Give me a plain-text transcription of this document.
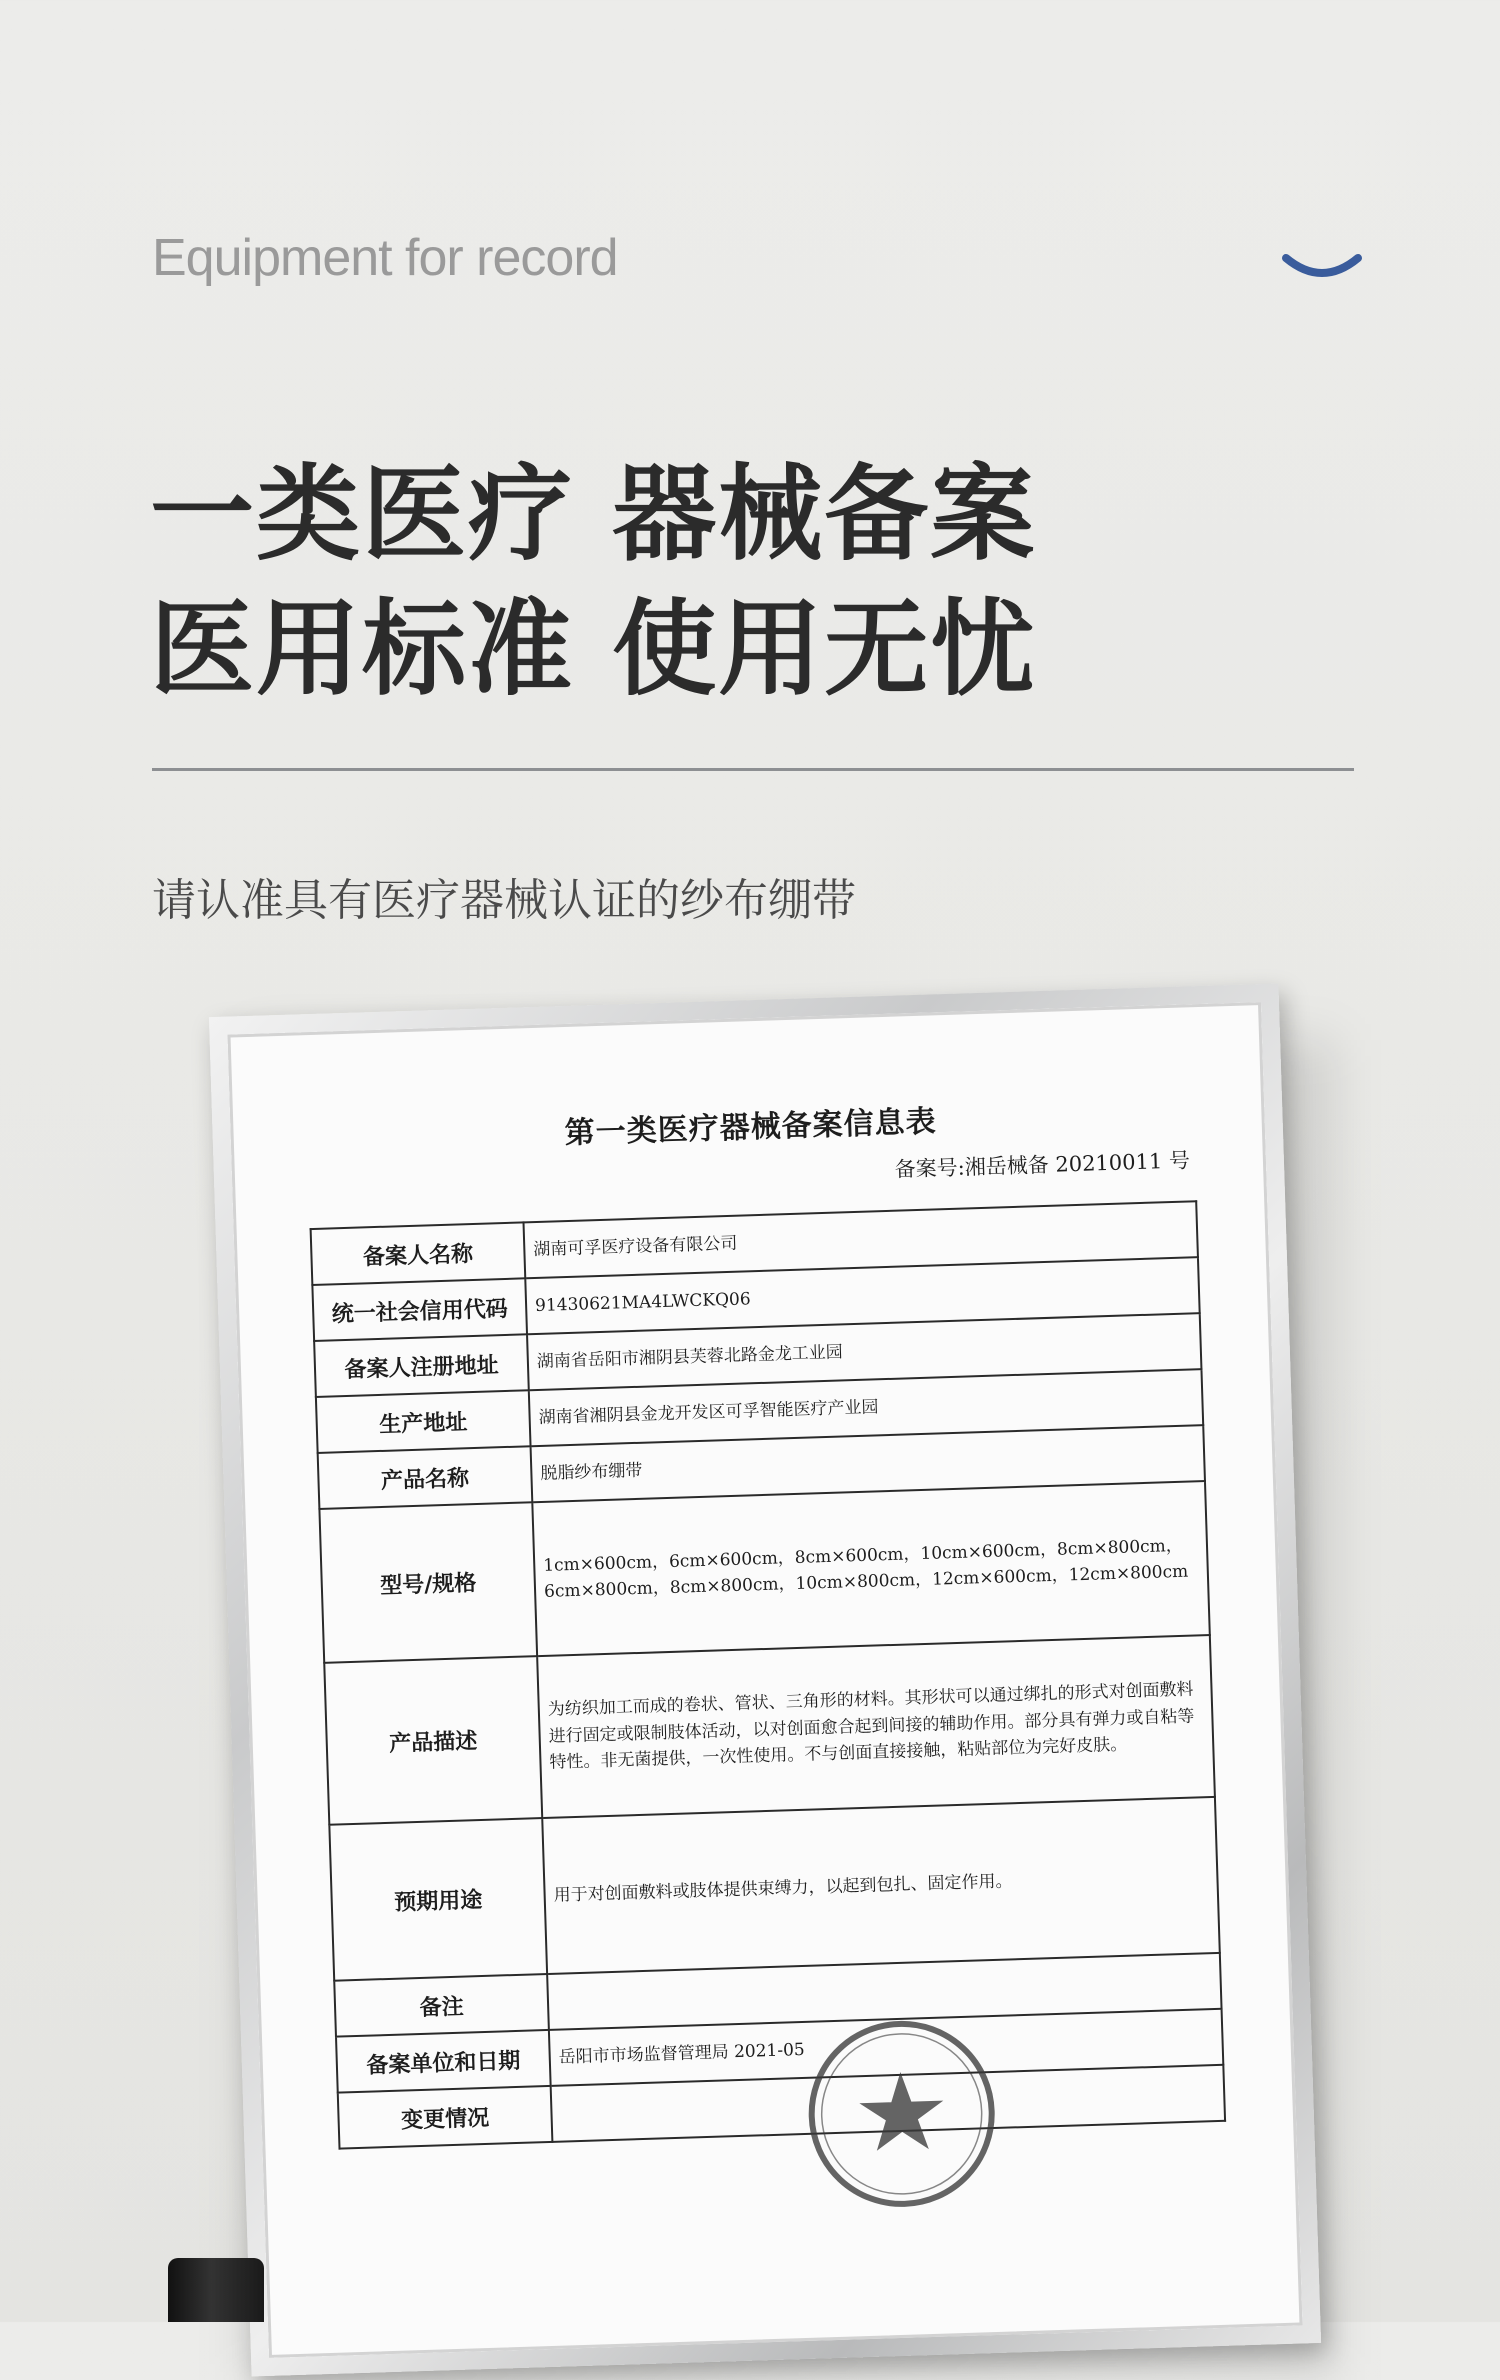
Equipment for record
一类医疗 器械备案
医用标准 使用无忧
请认准具有医疗器械认证的纱布绷带
第一类医疗器械备案信息表
备案号:湘岳械备 20210011 号
备案人名称	湖南可孚医疗设备有限公司
统一社会信用代码	91430621MA4LWCKQ06
备案人注册地址	湖南省岳阳市湘阴县芙蓉北路金龙工业园
生产地址	湖南省湘阴县金龙开发区可孚智能医疗产业园
产品名称	脱脂纱布绷带
型号/规格	1cm×600cm，6cm×600cm，8cm×600cm，10cm×600cm，8cm×800cm，6cm×800cm，8cm×800cm，10cm×800cm，12cm×600cm，12cm×800cm
产品描述	为纺织加工而成的卷状、管状、三角形的材料。其形状可以通过绑扎的形式对创面敷料进行固定或限制肢体活动，以对创面愈合起到间接的辅助作用。部分具有弹力或自粘等特性。非无菌提供，一次性使用。不与创面直接接触，粘贴部位为完好皮肤。
预期用途	用于对创面敷料或肢体提供束缚力，以起到包扎、固定作用。
备注	
备案单位和日期	岳阳市市场监督管理局 2021-05
变更情况	
